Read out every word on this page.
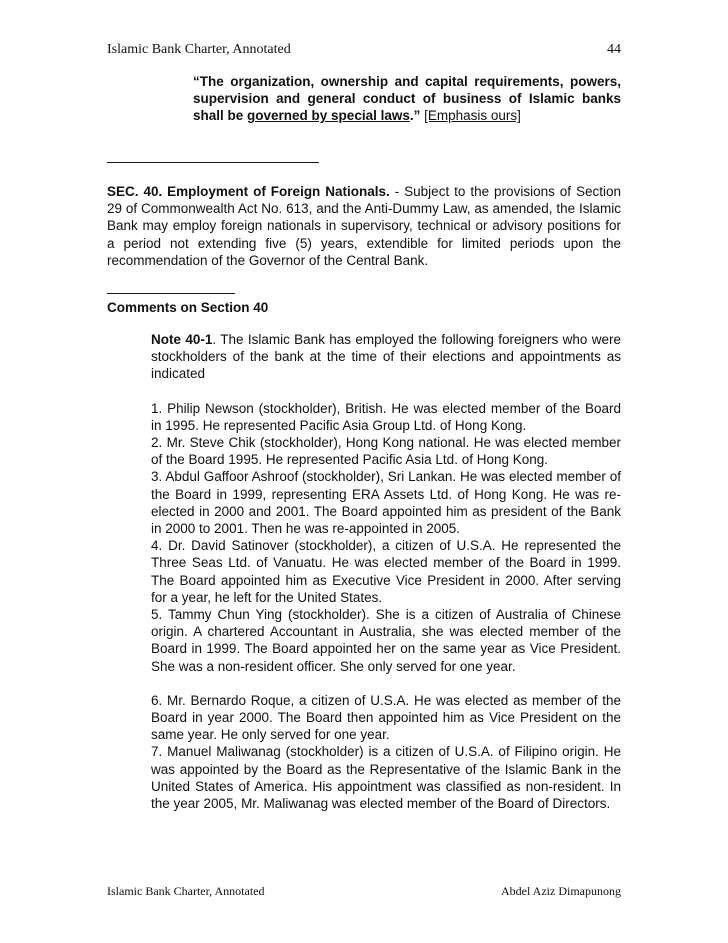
Islamic Bank Charter, Annotated	44
“The organization, ownership and capital requirements, powers, supervision and general conduct of business of Islamic banks shall be governed by special laws.” [Emphasis ours]
SEC. 40. Employment of Foreign Nationals. - Subject to the provisions of Section 29 of Commonwealth Act No. 613, and the Anti-Dummy Law, as amended, the Islamic Bank may employ foreign nationals in supervisory, technical or advisory positions for a period not extending five (5) years, extendible for limited periods upon the recommendation of the Governor of the Central Bank.
Comments on Section 40

Note 40-1. The Islamic Bank has employed the following foreigners who were stockholders of the bank at the time of their elections and appointments as indicated

1. Philip Newson (stockholder), British. He was elected member of the Board in 1995. He represented Pacific Asia Group Ltd. of Hong Kong.

2. Mr. Steve Chik (stockholder), Hong Kong national. He was elected member of the Board 1995. He represented Pacific Asia Ltd. of Hong Kong.

3. Abdul Gaffoor Ashroof (stockholder), Sri Lankan. He was elected member of the Board in 1999, representing ERA Assets Ltd. of Hong Kong. He was re-elected in 2000 and 2001. The Board appointed him as president of the Bank in 2000 to 2001. Then he was re-appointed in 2005.

4. Dr. David Satinover (stockholder), a citizen of U.S.A. He represented the Three Seas Ltd. of Vanuatu. He was elected member of the Board in 1999. The Board appointed him as Executive Vice President in 2000. After serving for a year, he left for the United States.

5. Tammy Chun Ying (stockholder). She is a citizen of Australia of Chinese origin. A chartered Accountant in Australia, she was elected member of the Board in 1999. The Board appointed her on the same year as Vice President. She was a non-resident officer. She only served for one year.

6. Mr. Bernardo Roque, a citizen of U.S.A. He was elected as member of the Board in year 2000. The Board then appointed him as Vice President on the same year. He only served for one year.

7. Manuel Maliwanag (stockholder) is a citizen of U.S.A. of Filipino origin. He was appointed by the Board as the Representative of the Islamic Bank in the United States of America. His appointment was classified as non-resident. In the year 2005, Mr. Maliwanag was elected member of the Board of Directors.

Islamic Bank Charter, Annotated	Abdel Aziz Dimapunong
